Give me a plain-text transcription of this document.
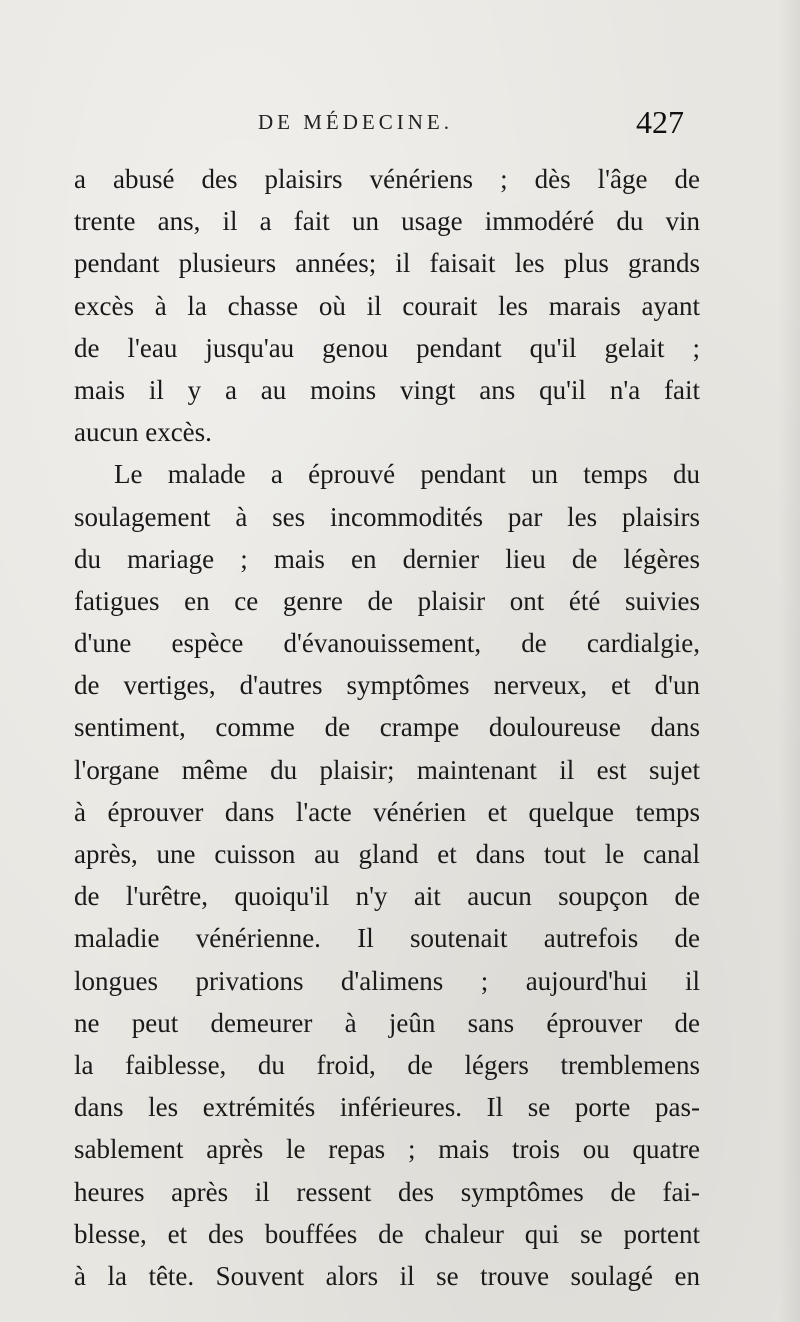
DE MÉDECINE.	427
a abusé des plaisirs vénériens ; dès l'âge de
trente ans, il a fait un usage immodéré du vin
pendant plusieurs années; il faisait les plus grands
excès à la chasse où il courait les marais ayant
de l'eau jusqu'au genou pendant qu'il gelait ;
mais il y a au moins vingt ans qu'il n'a fait
aucun excès.
Le malade a éprouvé pendant un temps du
soulagement à ses incommodités par les plaisirs
du mariage ; mais en dernier lieu de légères
fatigues en ce genre de plaisir ont été suivies
d'une espèce d'évanouissement, de cardialgie,
de vertiges, d'autres symptômes nerveux, et d'un
sentiment, comme de crampe douloureuse dans
l'organe même du plaisir; maintenant il est sujet
à éprouver dans l'acte vénérien et quelque temps
après, une cuisson au gland et dans tout le canal
de l'urêtre, quoiqu'il n'y ait aucun soupçon de
maladie vénérienne. Il soutenait autrefois de
longues privations d'alimens ; aujourd'hui il
ne peut demeurer à jeûn sans éprouver de
la faiblesse, du froid, de légers tremblemens
dans les extrémités inférieures. Il se porte pas-
sablement après le repas ; mais trois ou quatre
heures après il ressent des symptômes de fai-
blesse, et des bouffées de chaleur qui se portent
à la tête. Souvent alors il se trouve soulagé en
